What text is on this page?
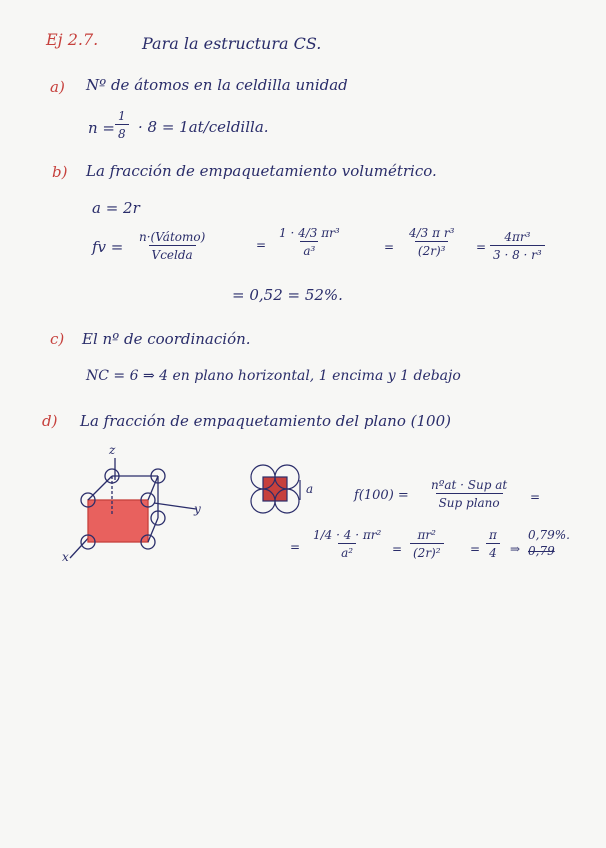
Ej 2.7.	Para la estructura CS.
a) Nº de átomos en la celdilla unidad
$n = \frac{1}{8} \cdot 8$ = 1at/celdilla.
b) La fracción de empaquetamiento volumétrico.
a = 2r
fv =
n·(Vátomo)
Vcelda
= $\frac{\text{1 · 4/3 πr³}}{\text{a³}}$	= $\frac{\text{4/3 π r³}}{\text{(2r)³}} = \frac{\text{4πr³}}{\text{3 · 8 · r³}}$
= 0,52 = 52%.
c) El nº de coordinación.
NC = 6 ⇒ 4 en plano horizontal, 1 encima y 1 debajo
d) La fracción de empaquetamiento del plano (100)
z
y
x
a	f(100) =
nºat · Sup at
Sup plano	=
= $\frac{\text{1/4 · 4 · πr²}}{\text{a²}} = \frac{\text{πr²}}{\text{(2r)²}} = \frac{\pi}{4}$ ⇒
0,79%.
0,79
